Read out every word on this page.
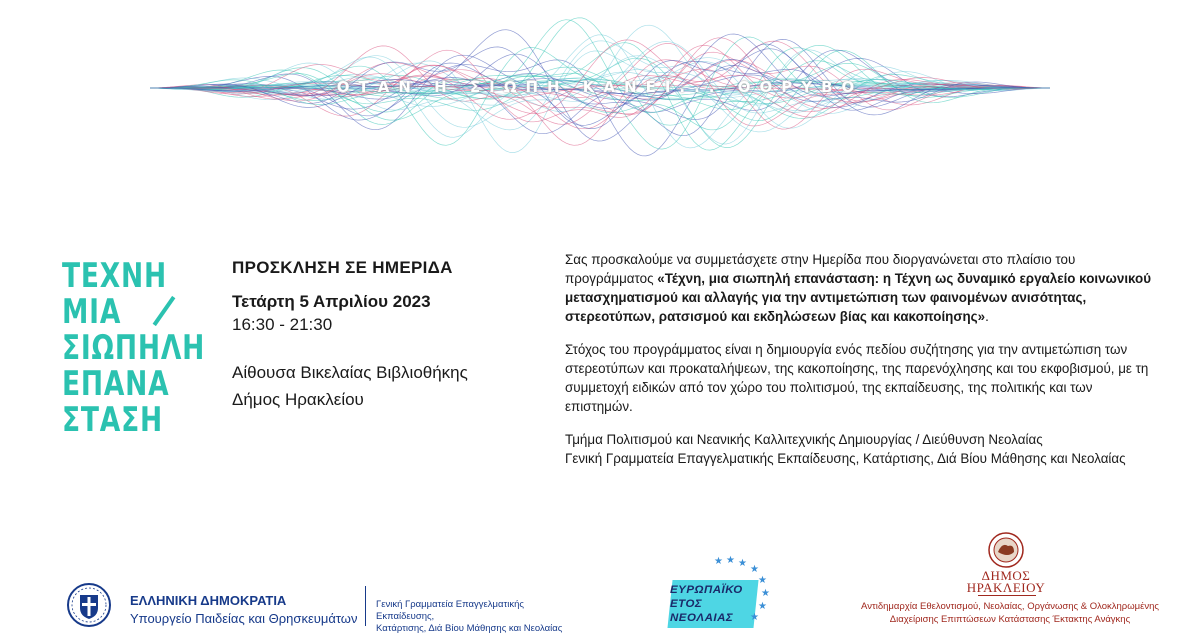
ΟΤΑΝ Η ΣΙΩΠΗ ΚΑΝΕΙ... ΘΟΡΥΒΟ
ΤΕΧΝΗ
ΜΙΑ
ΣΙΩΠΗΛΗ
ΕΠΑΝΑ
ΣΤΑΣΗ
ΠΡΟΣΚΛΗΣΗ ΣΕ ΗΜΕΡΙΔΑ
Τετάρτη 5 Απριλίου 2023
16:30 - 21:30
Αίθουσα Βικελαίας Βιβλιοθήκης
Δήμος Ηρακλείου

Σας προσκαλούμε να συμμετάσχετε στην Ημερίδα που διοργανώνεται στο πλαίσιο του προγράμματος «Τέχνη, μια σιωπηλή επανάσταση: η Τέχνη ως δυναμικό εργαλείο κοινωνικού μετασχηματισμού και αλλαγής για την αντιμετώπιση των φαινομένων ανισότητας, στερεοτύπων, ρατσισμού και εκδηλώσεων βίας και κακοποίησης».

Στόχος του προγράμματος είναι η δημιουργία ενός πεδίου συζήτησης για την αντιμετώπιση των στερεοτύπων και προκαταλήψεων, της κακοποίησης, της παρενόχλησης και του εκφοβισμού, με τη συμμετοχή ειδικών από τον χώρο του πολιτισμού, της εκπαίδευσης, της πολιτικής και των επιστημών.

Τμήμα Πολιτισμού και Νεανικής Καλλιτεχνικής Δημιουργίας / Διεύθυνση Νεολαίας
Γενική Γραμματεία Επαγγελματικής Εκπαίδευσης, Κατάρτισης, Διά Βίου Μάθησης και Νεολαίας

ΕΛΛΗΝΙΚΗ ΔΗΜΟΚΡΑΤΙΑ
Υπουργείο Παιδείας και Θρησκευμάτων
Γενική Γραμματεία Επαγγελματικής Εκπαίδευσης,
Κατάρτισης, Διά Βίου Μάθησης και Νεολαίας
★
★
★
★
★
★
★
★
ΕΥΡΩΠΑΪΚΟ
ΕΤΟΣ
ΝΕΟΛΑΙΑΣ
ΔΗΜΟΣ
ΗΡΑΚΛΕΙΟΥ
Αντιδημαρχία Εθελοντισμού, Νεολαίας, Οργάνωσης & Ολοκληρωμένης
Διαχείρισης Επιπτώσεων Κατάστασης Έκτακτης Ανάγκης
